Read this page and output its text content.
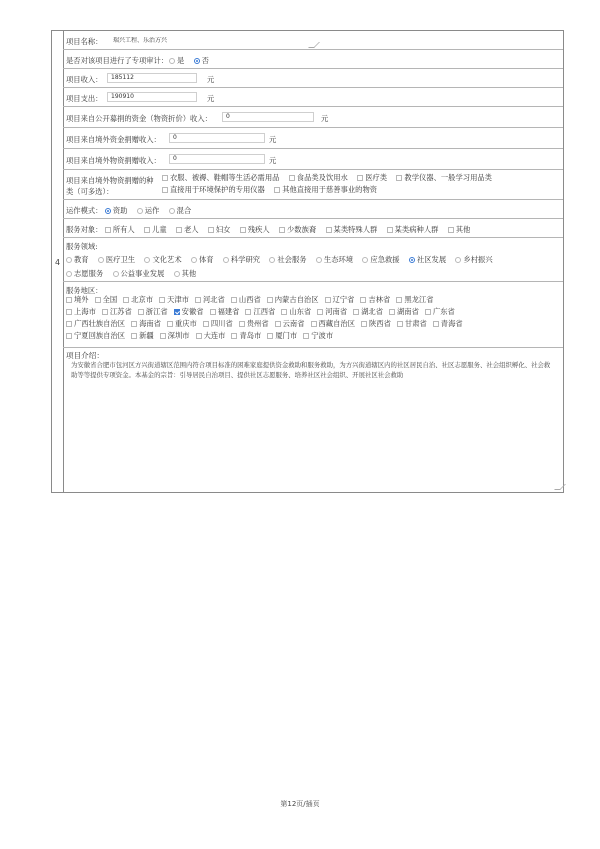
4
项目名称：	瑞兴工程、乐治方兴
是否对该项目进行了专项审计：	是 否
项目收入：	185112	元
项目支出：	190910	元
项目来自公开募捐的资金（物资折价）收入：	0	元
项目来自境外资金捐赠收入：	0	元
项目来自境外物资捐赠收入：	0	元
项目来自境外物资捐赠的种
类（可多选）：
衣服、被褥、鞋帽等生活必需用品 食品类及饮用水 医疗类 教学仪器、一般学习用品类
直接用于环境保护的专用仪器 其他直接用于慈善事业的物资
运作模式： 资助 运作 混合
服务对象： 所有人 儿童 老人 妇女 残疾人 少数族裔 某类特殊人群 某类病种人群 其他
服务领域:
教育 医疗卫生 文化艺术 体育 科学研究 社会服务 生态环境 应急救援 社区发展 乡村振兴
志愿服务 公益事业发展 其他
服务地区：
境外 全国 北京市 天津市 河北省 山西省 内蒙古自治区 辽宁省 吉林省 黑龙江省
上海市 江苏省 浙江省 安徽省 福建省 江西省 山东省 河南省 湖北省 湖南省 广东省
广西壮族自治区 海南省 重庆市 四川省 贵州省 云南省 西藏自治区 陕西省 甘肃省 青海省
宁夏回族自治区 新疆 深圳市 大连市 青岛市 厦门市 宁波市
项目介绍：
为安徽省合肥市包河区方兴街道辖区范围内符合项目标准的困难家庭提供资金救助和服务救助，为方兴街道辖区内的社区居民自治、社区志愿服务、社会组织孵化、社会救助等等提供专项资金。本基金的宗旨：引导居民自治项目、提供社区志愿服务、培养社区社会组织、开展社区社会救助
第12页/插页
